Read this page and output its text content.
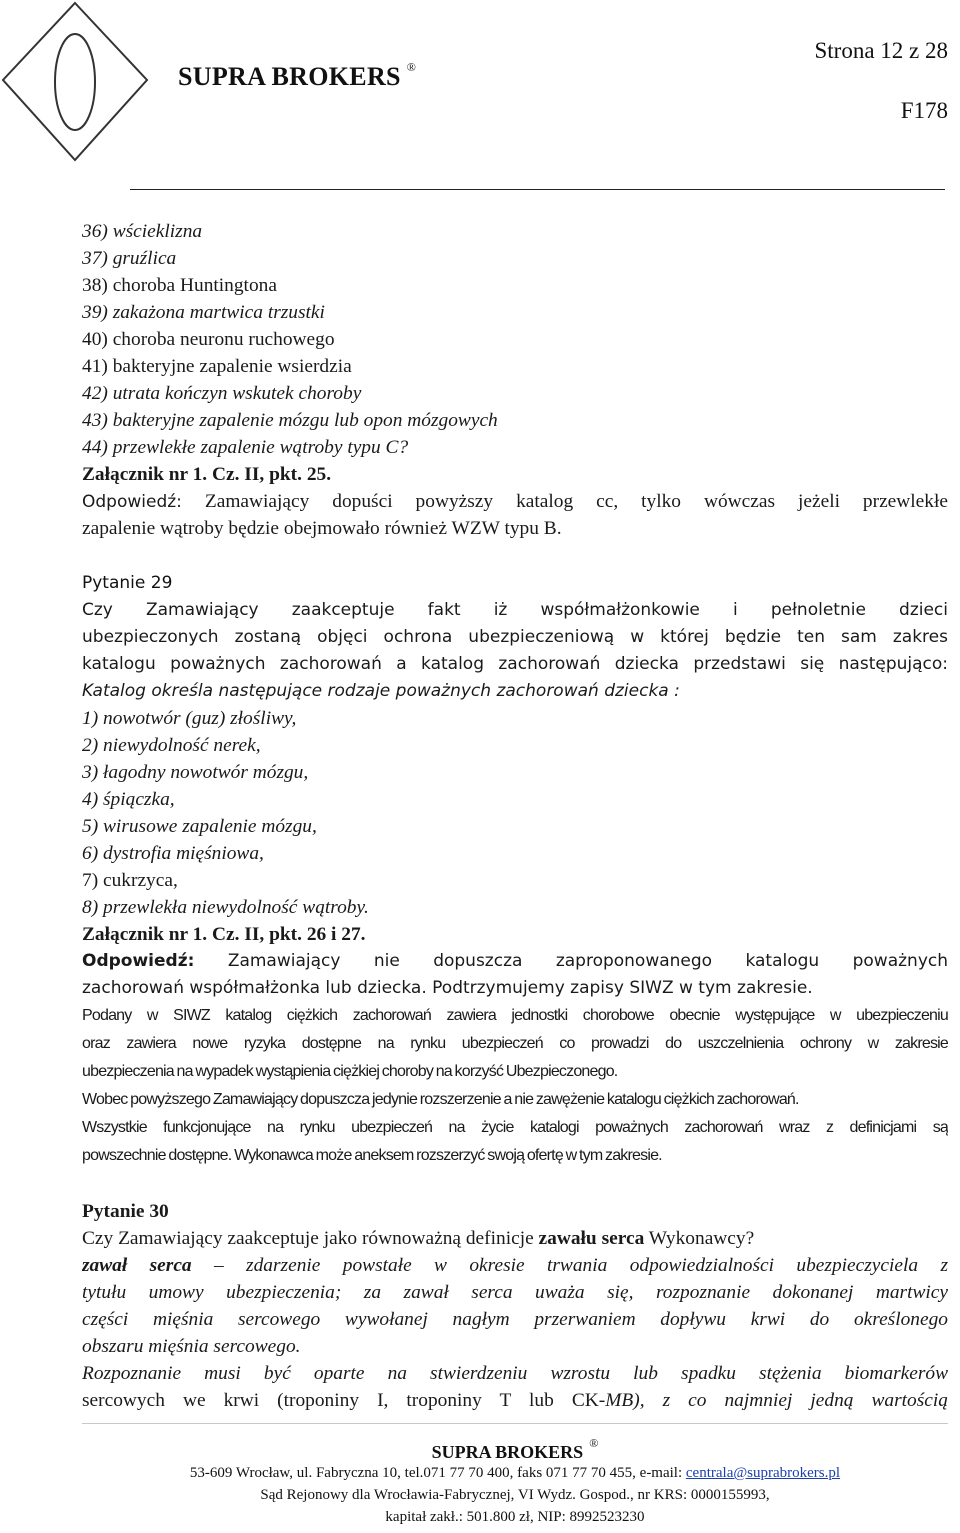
SUPRA BROKERS ®
Strona 12 z 28
F178
36) wścieklizna
37) gruźlica
38) choroba Huntingtona
39) zakażona martwica trzustki
40) choroba neuronu ruchowego
41) bakteryjne zapalenie wsierdzia
42) utrata kończyn wskutek choroby
43) bakteryjne zapalenie mózgu lub opon mózgowych
44) przewlekłe zapalenie wątroby typu C?
Załącznik nr 1. Cz. II, pkt. 25.
Odpowiedź: Zamawiający dopuści powyższy katalog cc, tylko wówczas jeżeli przewlekłe
zapalenie wątroby będzie obejmowało również WZW typu B.
Pytanie 29
Czy Zamawiający zaakceptuje fakt iż współmałżonkowie i pełnoletnie dzieci
ubezpieczonych zostaną objęci ochrona ubezpieczeniową w której będzie ten sam zakres
katalogu poważnych zachorowań a katalog zachorowań dziecka przedstawi się następująco:
Katalog określa następujące rodzaje poważnych zachorowań dziecka :
1) nowotwór (guz) złośliwy,
2) niewydolność nerek,
3) łagodny nowotwór mózgu,
4) śpiączka,
5) wirusowe zapalenie mózgu,
6) dystrofia mięśniowa,
7) cukrzyca,
8) przewlekła niewydolność wątroby.
Załącznik nr 1. Cz. II, pkt. 26 i 27.
Odpowiedź: Zamawiający nie dopuszcza zaproponowanego katalogu poważnych
zachorowań współmałżonka lub dziecka. Podtrzymujemy zapisy SIWZ w tym zakresie.
Podany w SIWZ katalog ciężkich zachorowań zawiera jednostki chorobowe obecnie występujące w ubezpieczeniu
oraz zawiera nowe ryzyka dostępne na rynku ubezpieczeń co prowadzi do uszczelnienia ochrony w zakresie
ubezpieczenia na wypadek wystąpienia ciężkiej choroby na korzyść Ubezpieczonego.
Wobec powyższego Zamawiający dopuszcza jedynie rozszerzenie a nie zawężenie katalogu ciężkich zachorowań.
Wszystkie funkcjonujące na rynku ubezpieczeń na życie katalogi poważnych zachorowań wraz z definicjami są
powszechnie dostępne. Wykonawca może aneksem rozszerzyć swoją ofertę w tym zakresie.
Pytanie 30
Czy Zamawiający zaakceptuje jako równoważną definicje zawału serca Wykonawcy?
zawał serca – zdarzenie powstałe w okresie trwania odpowiedzialności ubezpieczyciela z
tytułu umowy ubezpieczenia; za zawał serca uważa się, rozpoznanie dokonanej martwicy
części mięśnia sercowego wywołanej nagłym przerwaniem dopływu krwi do określonego
obszaru mięśnia sercowego.
Rozpoznanie musi być oparte na stwierdzeniu wzrostu lub spadku stężenia biomarkerów
sercowych we krwi (troponiny I, troponiny T lub CK-MB), z co najmniej jedną wartością
SUPRA BROKERS ®
53-609 Wrocław, ul. Fabryczna 10, tel.071 77 70 400, faks 071 77 70 455, e-mail: centrala@suprabrokers.pl
Sąd Rejonowy dla Wrocławia-Fabrycznej, VI Wydz. Gospod., nr KRS: 0000155993,
kapitał zakł.: 501.800 zł, NIP: 8992523230
